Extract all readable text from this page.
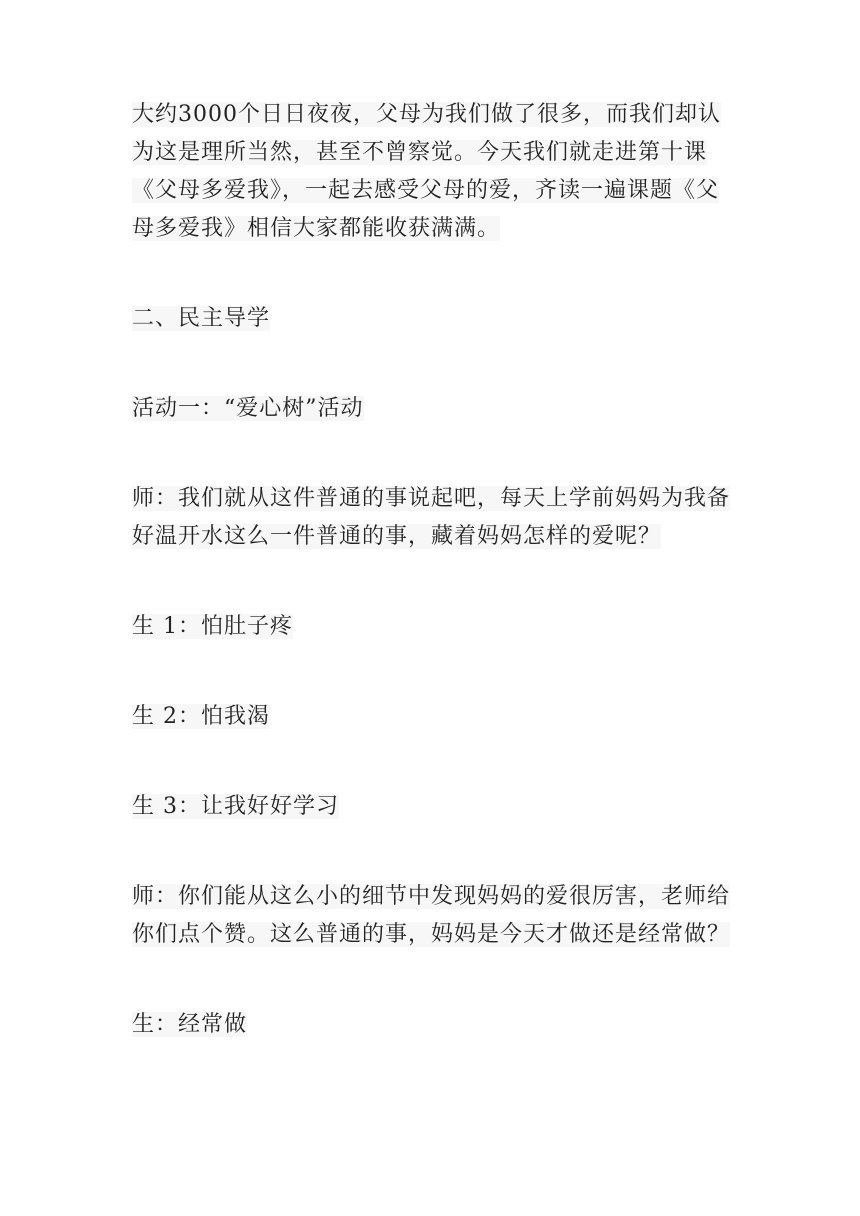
大约3000个日日夜夜，父母为我们做了很多，而我们却认为这是理所当然，甚至不曾察觉。今天我们就走进第十课《父母多爱我》，一起去感受父母的爱，齐读一遍课题《父母多爱我》相信大家都能收获满满。

二、民主导学

活动一：“爱心树”活动

师：我们就从这件普通的事说起吧，每天上学前妈妈为我备好温开水这么一件普通的事，藏着妈妈怎样的爱呢？

生 1：怕肚子疼

生 2：怕我渴

生 3：让我好好学习

师：你们能从这么小的细节中发现妈妈的爱很厉害，老师给你们点个赞。这么普通的事，妈妈是今天才做还是经常做？

生：经常做
